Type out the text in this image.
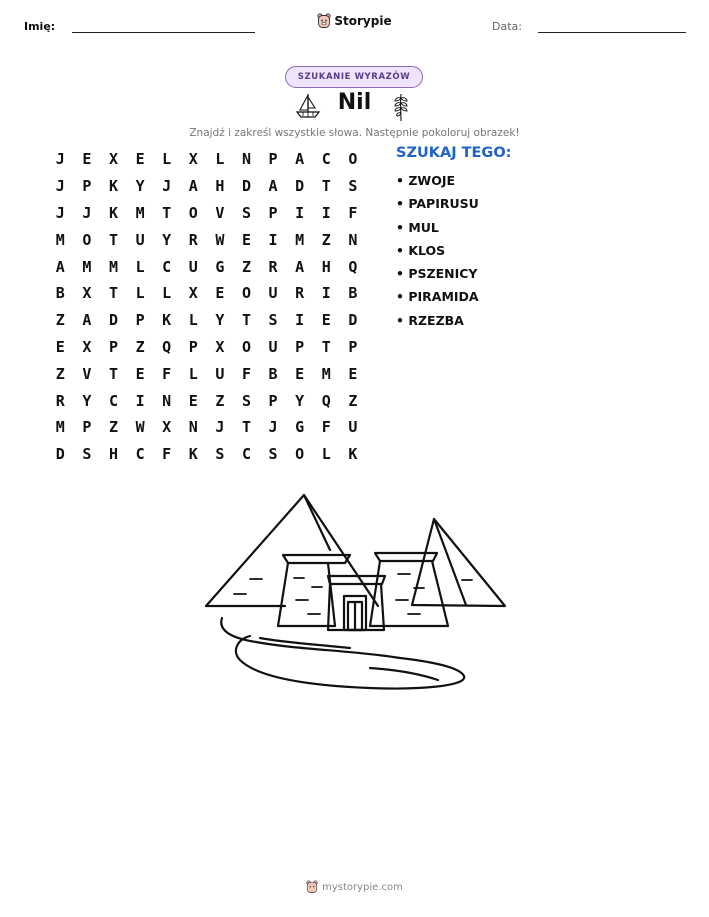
Imię:	Data:
Storypie
SZUKANIE WYRAZÓW
Nil
Znajdź i zakreśl wszystkie słowa. Następnie pokoloruj obrazek!
J	E	X	E	L	X	L	N	P	A	C	O
J	P	K	Y	J	A	H	D	A	D	T	S
J	J	K	M	T	O	V	S	P	I	I	F
M	O	T	U	Y	R	W	E	I	M	Z	N
A	M	M	L	C	U	G	Z	R	A	H	Q
B	X	T	L	L	X	E	O	U	R	I	B
Z	A	D	P	K	L	Y	T	S	I	E	D
E	X	P	Z	Q	P	X	O	U	P	T	P
Z	V	T	E	F	L	U	F	B	E	M	E
R	Y	C	I	N	E	Z	S	P	Y	Q	Z
M	P	Z	W	X	N	J	T	J	G	F	U
D	S	H	C	F	K	S	C	S	O	L	K
SZUKAJ TEGO:
• ZWOJE
• PAPIRUSU
• MUL
• KLOS
• PSZENICY
• PIRAMIDA
• RZEZBA
mystorypie.com
